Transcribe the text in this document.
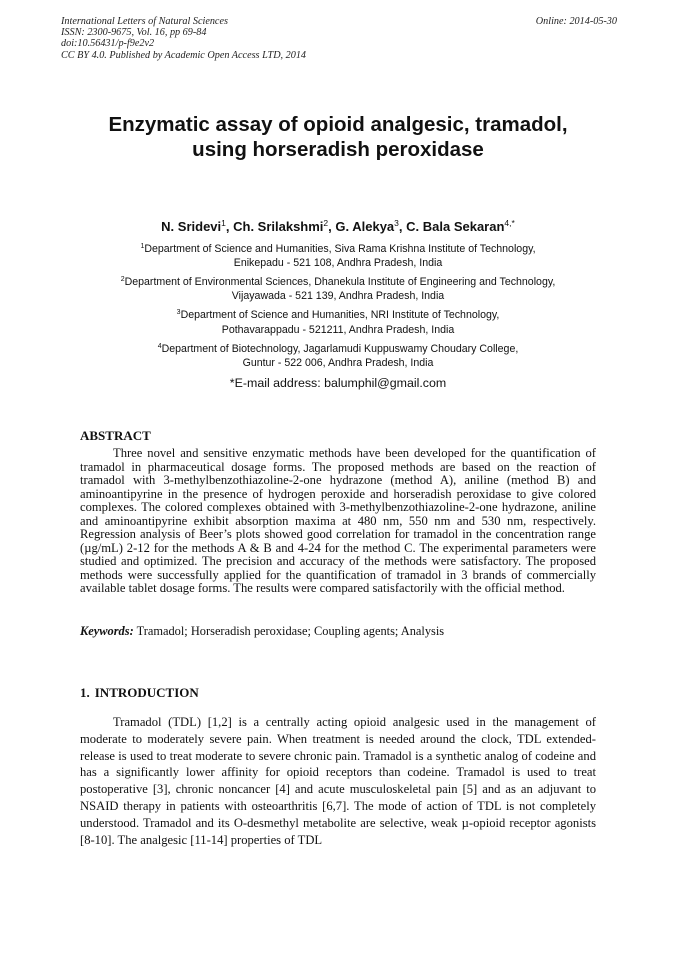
International Letters of Natural Sciences
ISSN: 2300-9675, Vol. 16, pp 69-84
doi:10.56431/p-f9e2v2
CC BY 4.0. Published by Academic Open Access LTD, 2014
Online: 2014-05-30
Enzymatic assay of opioid analgesic, tramadol,
using horseradish peroxidase
N. Sridevi$^1$, Ch. Srilakshmi$^2$, G. Alekya$^3$, C. Bala Sekaran$^{4,*}$
$^1$Department of Science and Humanities, Siva Rama Krishna Institute of Technology,
Enikepadu - 521 108, Andhra Pradesh, India
$^2$Department of Environmental Sciences, Dhanekula Institute of Engineering and Technology,
Vijayawada - 521 139, Andhra Pradesh, India
$^3$Department of Science and Humanities, NRI Institute of Technology,
Pothavarappadu - 521211, Andhra Pradesh, India
$^4$Department of Biotechnology, Jagarlamudi Kuppuswamy Choudary College,
Guntur - 522 006, Andhra Pradesh, India
*E-mail address: balumphil@gmail.com
ABSTRACT
Three novel and sensitive enzymatic methods have been developed for the quantification of tramadol in pharmaceutical dosage forms. The proposed methods are based on the reaction of tramadol with 3-methylbenzothiazoline-2-one hydrazone (method A), aniline (method B) and aminoantipyrine in the presence of hydrogen peroxide and horseradish peroxidase to give colored complexes. The colored complexes obtained with 3-methylbenzothiazoline-2-one hydrazone, aniline and aminoantipyrine exhibit absorption maxima at 480 nm, 550 nm and 530 nm, respectively. Regression analysis of Beer’s plots showed good correlation for tramadol in the concentration range (µg/mL) 2-12 for the methods A & B and 4-24 for the method C. The experimental parameters were studied and optimized. The precision and accuracy of the methods were satisfactory. The proposed methods were successfully applied for the quantification of tramadol in 3 brands of commercially available tablet dosage forms. The results were compared satisfactorily with the official method.
Keywords: Tramadol; Horseradish peroxidase; Coupling agents; Analysis
1. INTRODUCTION
Tramadol (TDL) [1,2] is a centrally acting opioid analgesic used in the management of moderate to moderately severe pain. When treatment is needed around the clock, TDL extended-release is used to treat moderate to severe chronic pain. Tramadol is a synthetic analog of codeine and has a significantly lower affinity for opioid receptors than codeine. Tramadol is used to treat postoperative [3], chronic noncancer [4] and acute musculoskeletal pain [5] and as an adjuvant to NSAID therapy in patients with osteoarthritis [6,7]. The mode of action of TDL is not completely understood. Tramadol and its O-desmethyl metabolite are selective, weak µ-opioid receptor agonists [8-10]. The analgesic [11-14] properties of TDL
